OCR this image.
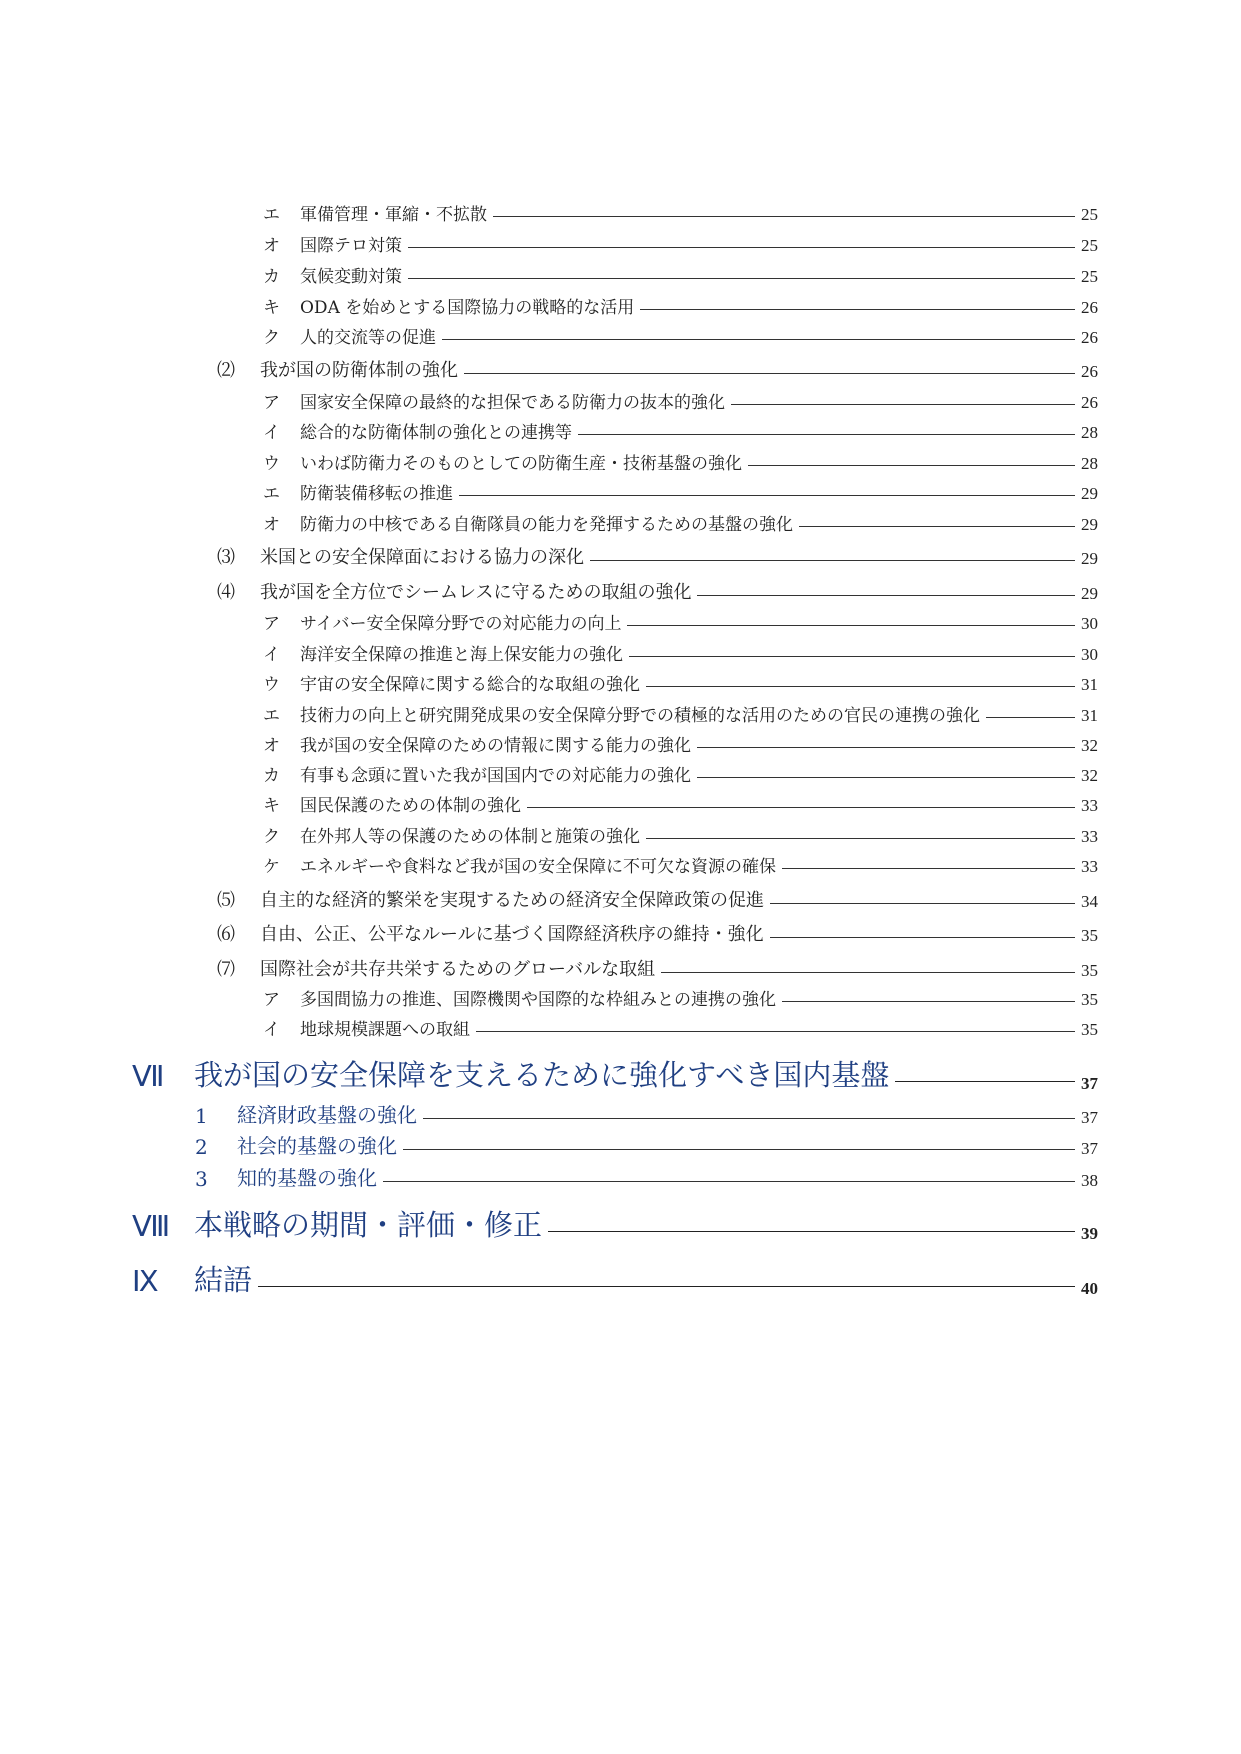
エ	軍備管理・軍縮・不拡散	25
オ	国際テロ対策	25
カ	気候変動対策	25
キ	ODA を始めとする国際協力の戦略的な活用	26
ク	人的交流等の促進	26
⑵	我が国の防衛体制の強化	26
ア	国家安全保障の最終的な担保である防衛力の抜本的強化	26
イ	総合的な防衛体制の強化との連携等	28
ウ	いわば防衛力そのものとしての防衛生産・技術基盤の強化	28
エ	防衛装備移転の推進	29
オ	防衛力の中核である自衛隊員の能力を発揮するための基盤の強化	29
⑶	米国との安全保障面における協力の深化	29
⑷	我が国を全方位でシームレスに守るための取組の強化	29
ア	サイバー安全保障分野での対応能力の向上	30
イ	海洋安全保障の推進と海上保安能力の強化	30
ウ	宇宙の安全保障に関する総合的な取組の強化	31
エ	技術力の向上と研究開発成果の安全保障分野での積極的な活用のための官民の連携の強化	31
オ	我が国の安全保障のための情報に関する能力の強化	32
カ	有事も念頭に置いた我が国国内での対応能力の強化	32
キ	国民保護のための体制の強化	33
ク	在外邦人等の保護のための体制と施策の強化	33
ケ	エネルギーや食料など我が国の安全保障に不可欠な資源の確保	33
⑸	自主的な経済的繁栄を実現するための経済安全保障政策の促進	34
⑹	自由、公正、公平なルールに基づく国際経済秩序の維持・強化	35
⑺	国際社会が共存共栄するためのグローバルな取組	35
ア	多国間協力の推進、国際機関や国際的な枠組みとの連携の強化	35
イ	地球規模課題への取組	35
Ⅶ	我が国の安全保障を支えるために強化すべき国内基盤	37
1	経済財政基盤の強化	37
2	社会的基盤の強化	37
3	知的基盤の強化	38
Ⅷ 本戦略の期間・評価・修正	39
Ⅸ	結語	40
